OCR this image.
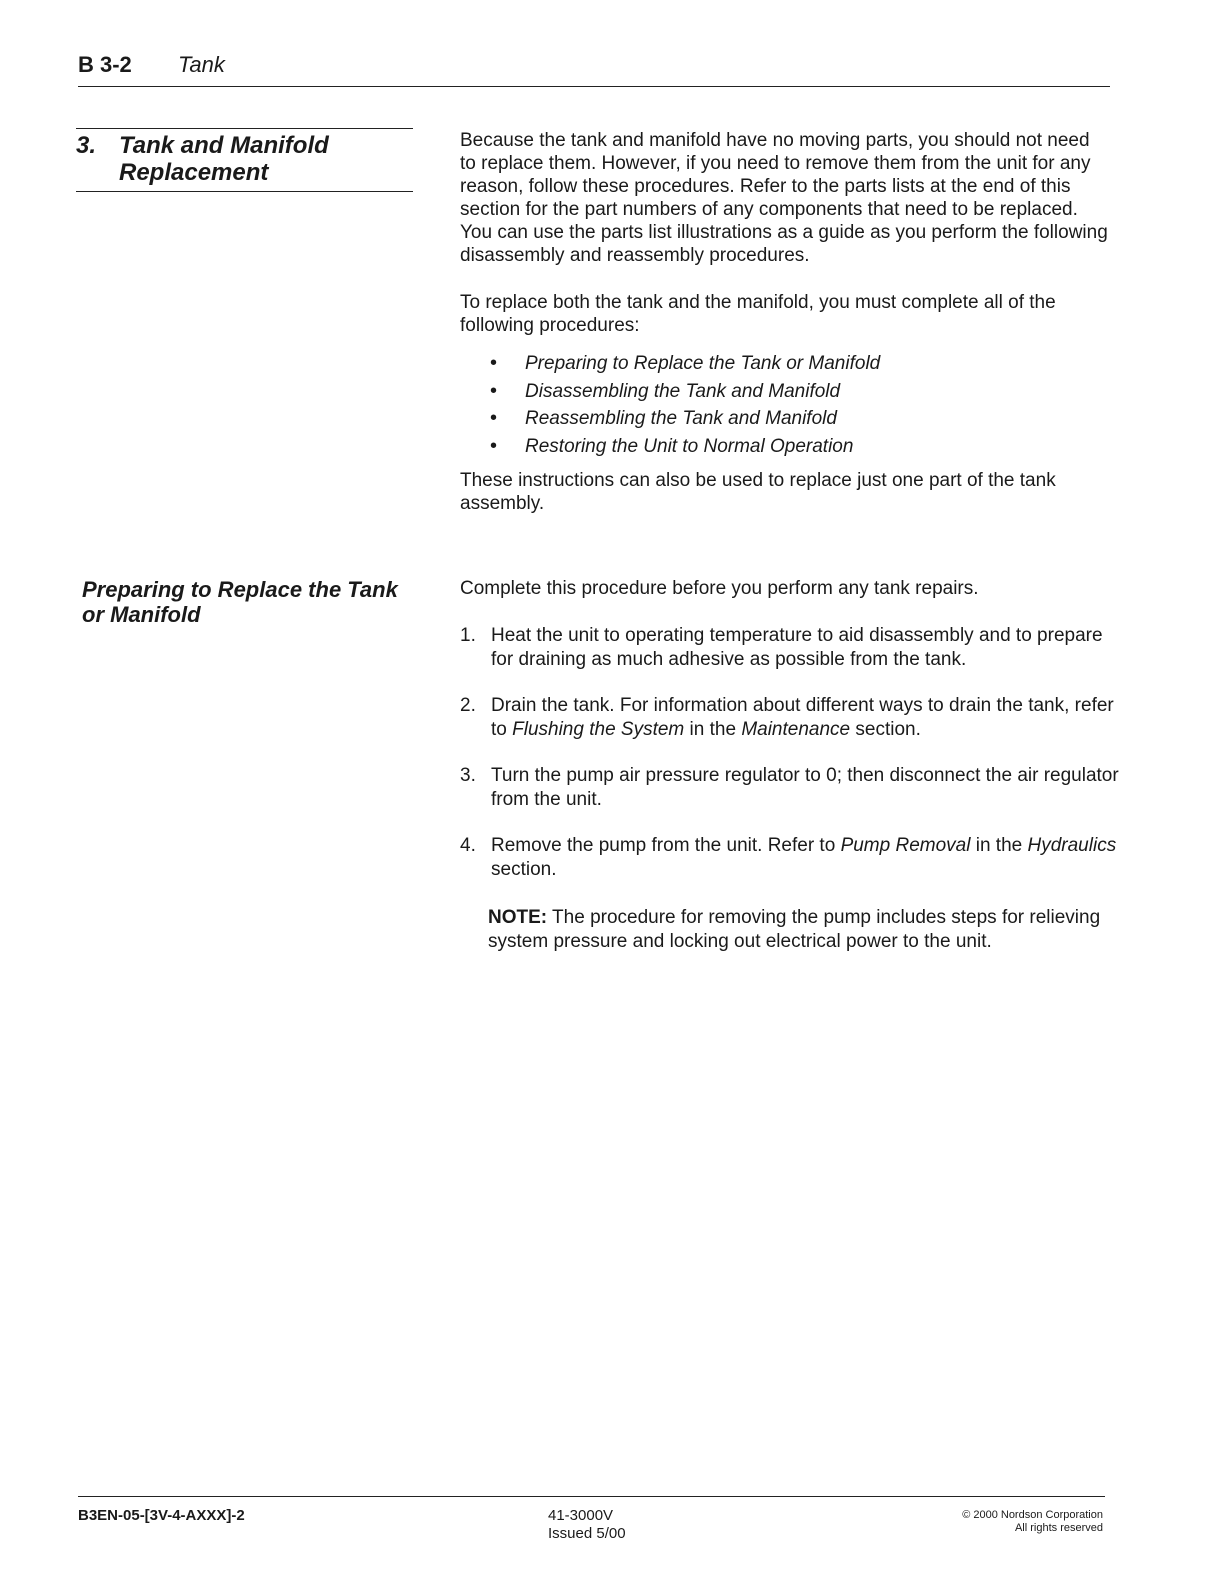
B 3-2 Tank
3. Tank and Manifold
Replacement

Because the tank and manifold have no moving parts, you should not need to replace them. However, if you need to remove them from the unit for any reason, follow these procedures. Refer to the parts lists at the end of this section for the part numbers of any components that need to be replaced. You can use the parts list illustrations as a guide as you perform the following disassembly and reassembly procedures.

To replace both the tank and the manifold, you must complete all of the following procedures:

• Preparing to Replace the Tank or Manifold
• Disassembling the Tank and Manifold
• Reassembling the Tank and Manifold
• Restoring the Unit to Normal Operation

These instructions can also be used to replace just one part of the tank assembly.

Preparing to Replace the Tank or Manifold

Complete this procedure before you perform any tank repairs.

1. Heat the unit to operating temperature to aid disassembly and to prepare for draining as much adhesive as possible from the tank.
2. Drain the tank. For information about different ways to drain the tank, refer to Flushing the System in the Maintenance section.
3. Turn the pump air pressure regulator to 0; then disconnect the air regulator from the unit.
4. Remove the pump from the unit. Refer to Pump Removal in the Hydraulics section.
NOTE: The procedure for removing the pump includes steps for relieving system pressure and locking out electrical power to the unit.
B3EN-05-[3V-4-AXXX]-2	41-3000V
Issued 5/00
© 2000 Nordson Corporation
All rights reserved
